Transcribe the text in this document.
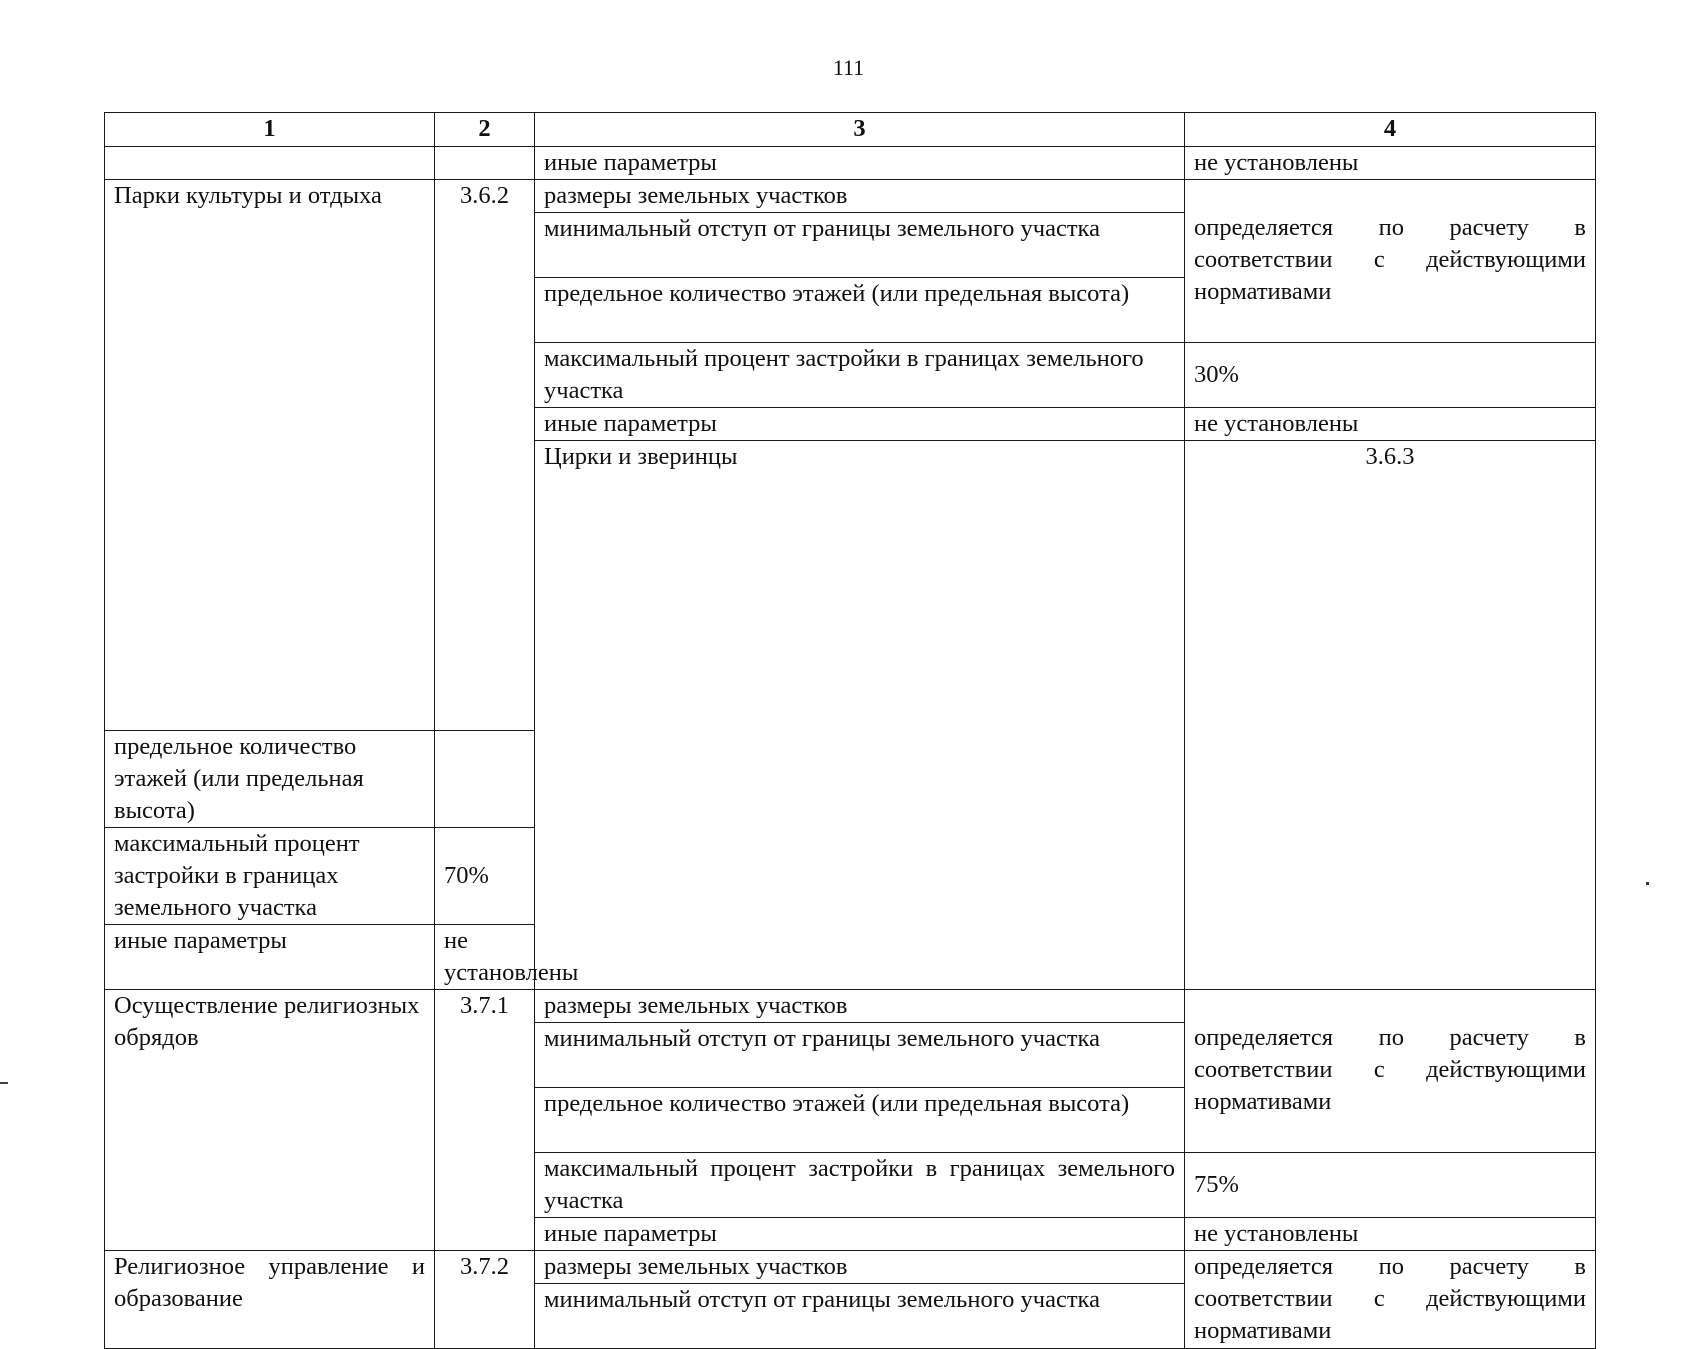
111
1	2	3	4	
		иные параметры	не установлены	
Парки культуры и отдыха	3.6.2	размеры земельных участков	определяется по расчету в соответствии с действующими нормативами	
		минимальный отступ от границы земельного участка		
		предельное количество этажей (или предельная высота)		
		максимальный процент застройки в границах земельного участка	30%	
		иные параметры	не установлены	
		Цирки и зверинцы	3.6.3		

предельное количество этажей (или предельная высота)				
максимальный процент застройки в границах земельного участка	70%			
иные параметры	не установлены			
Осуществление религиозных обрядов	3.7.1	размеры земельных участков	определяется по расчету в соответствии с действующими нормативами	
		минимальный отступ от границы земельного участка		
		предельное количество этажей (или предельная высота)		
		максимальный процент застройки в границах земельного участка	75%	
		иные параметры	не установлены	
Религиозное управление и образование	3.7.2	размеры земельных участков	определяется по расчету в соответствии с действующими нормативами	
		минимальный отступ от границы земельного участка		
